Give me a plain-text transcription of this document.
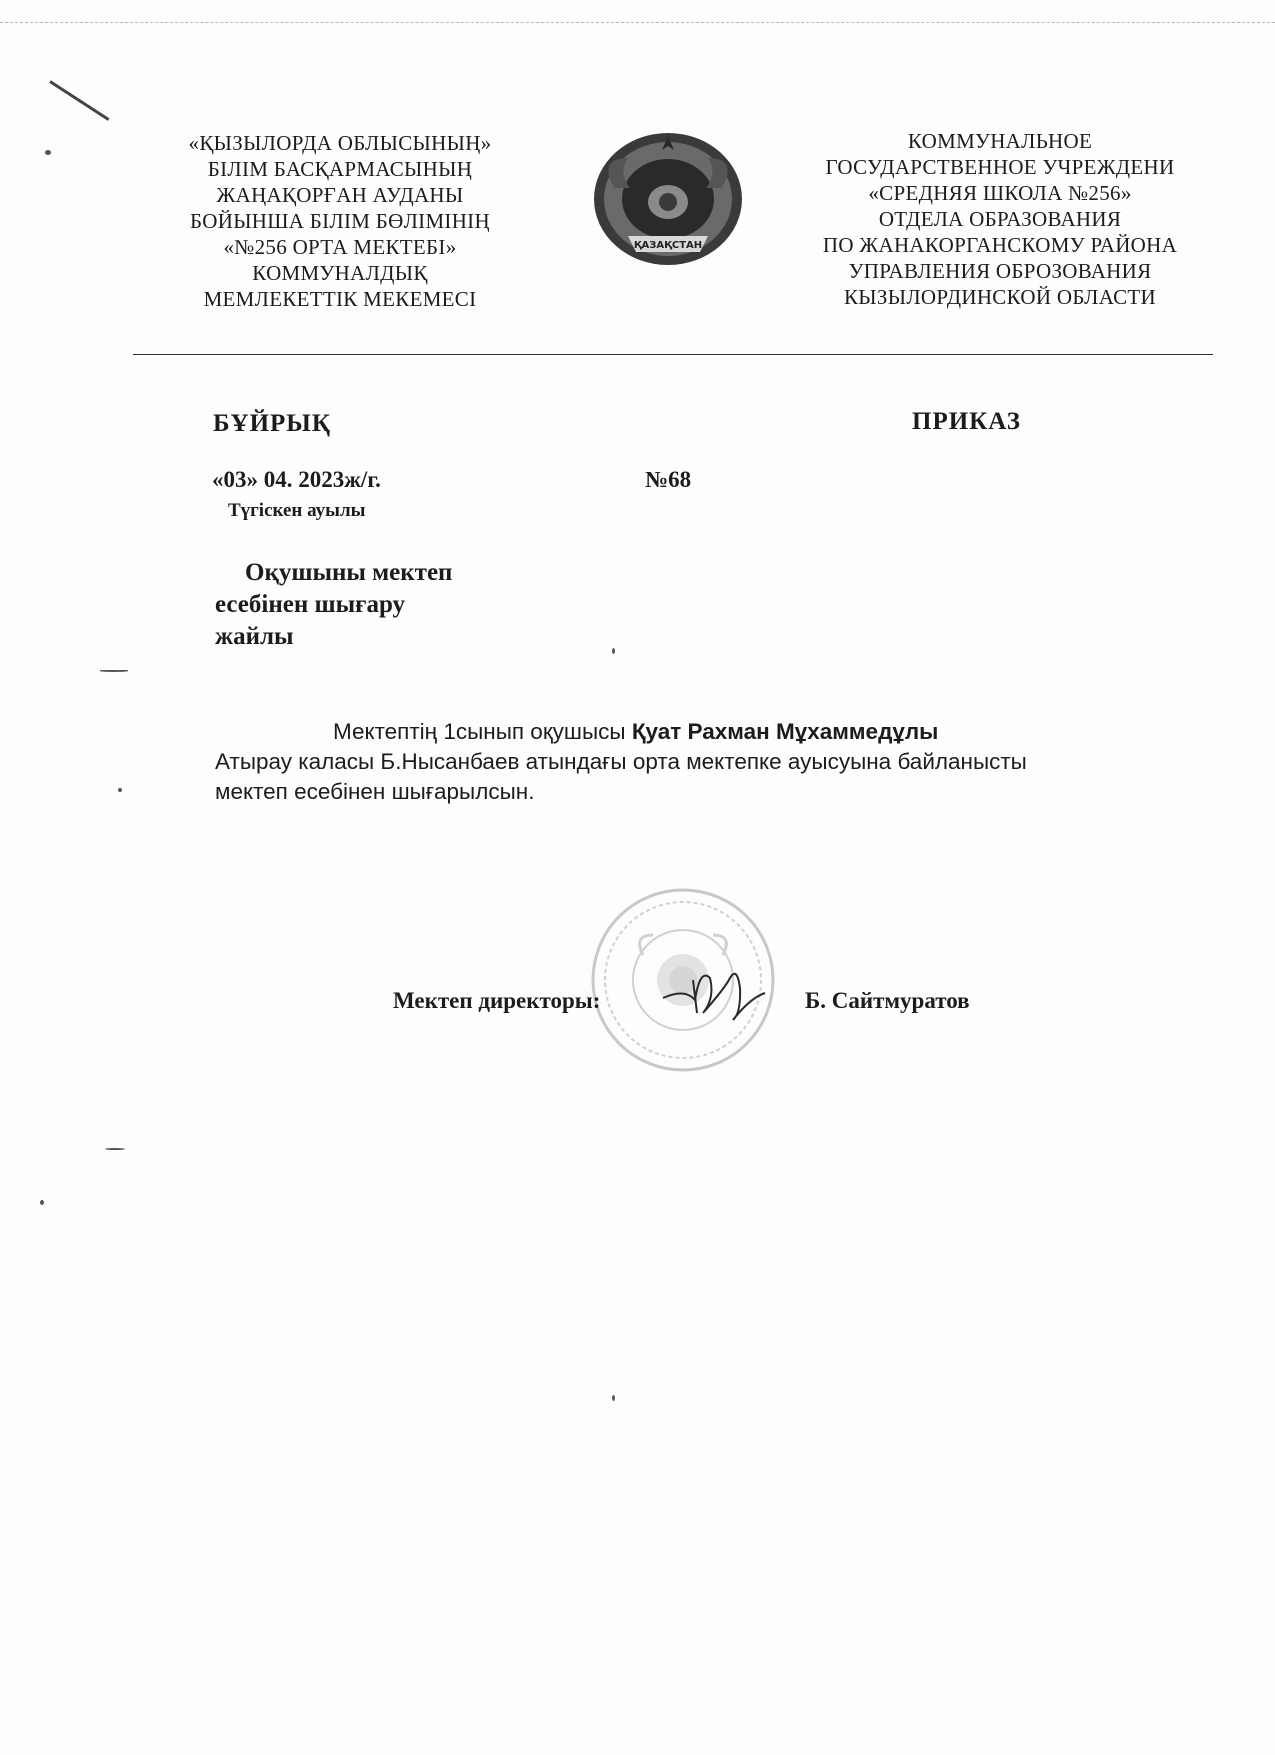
«ҚЫЗЫЛОРДА ОБЛЫСЫНЫҢ»
БІЛІМ БАСҚАРМАСЫНЫҢ
ЖАҢАҚОРҒАН АУДАНЫ
БОЙЫНША БІЛІМ БӨЛІМІНІҢ
«№256 ОРТА МЕКТЕБІ»
КОММУНАЛДЫҚ
МЕМЛЕКЕТТІК МЕКЕМЕСІ
ҚАЗАҚСТАН
КОММУНАЛЬНОЕ
ГОСУДАРСТВЕННОЕ УЧРЕЖДЕНИ
«СРЕДНЯЯ ШКОЛА №256»
ОТДЕЛА ОБРАЗОВАНИЯ
ПО ЖАНАКОРГАНСКОМУ РАЙОНА
УПРАВЛЕНИЯ ОБРОЗОВАНИЯ
КЫЗЫЛОРДИНСКОЙ ОБЛАСТИ
БҰЙРЫҚ	ПРИКАЗ
«03» 04. 2023ж/г.	№68
Түгіскен ауылы
Оқушыны мектеп
есебінен шығару
жайлы
Мектептің 1сынып оқушысы Қуат Рахман Мұхаммедұлы
Атырау каласы Б.Нысанбаев атындағы орта мектепке ауысуына байланысты
мектеп есебінен шығарылсын.
Мектеп директоры:	Б. Сайтмуратов
